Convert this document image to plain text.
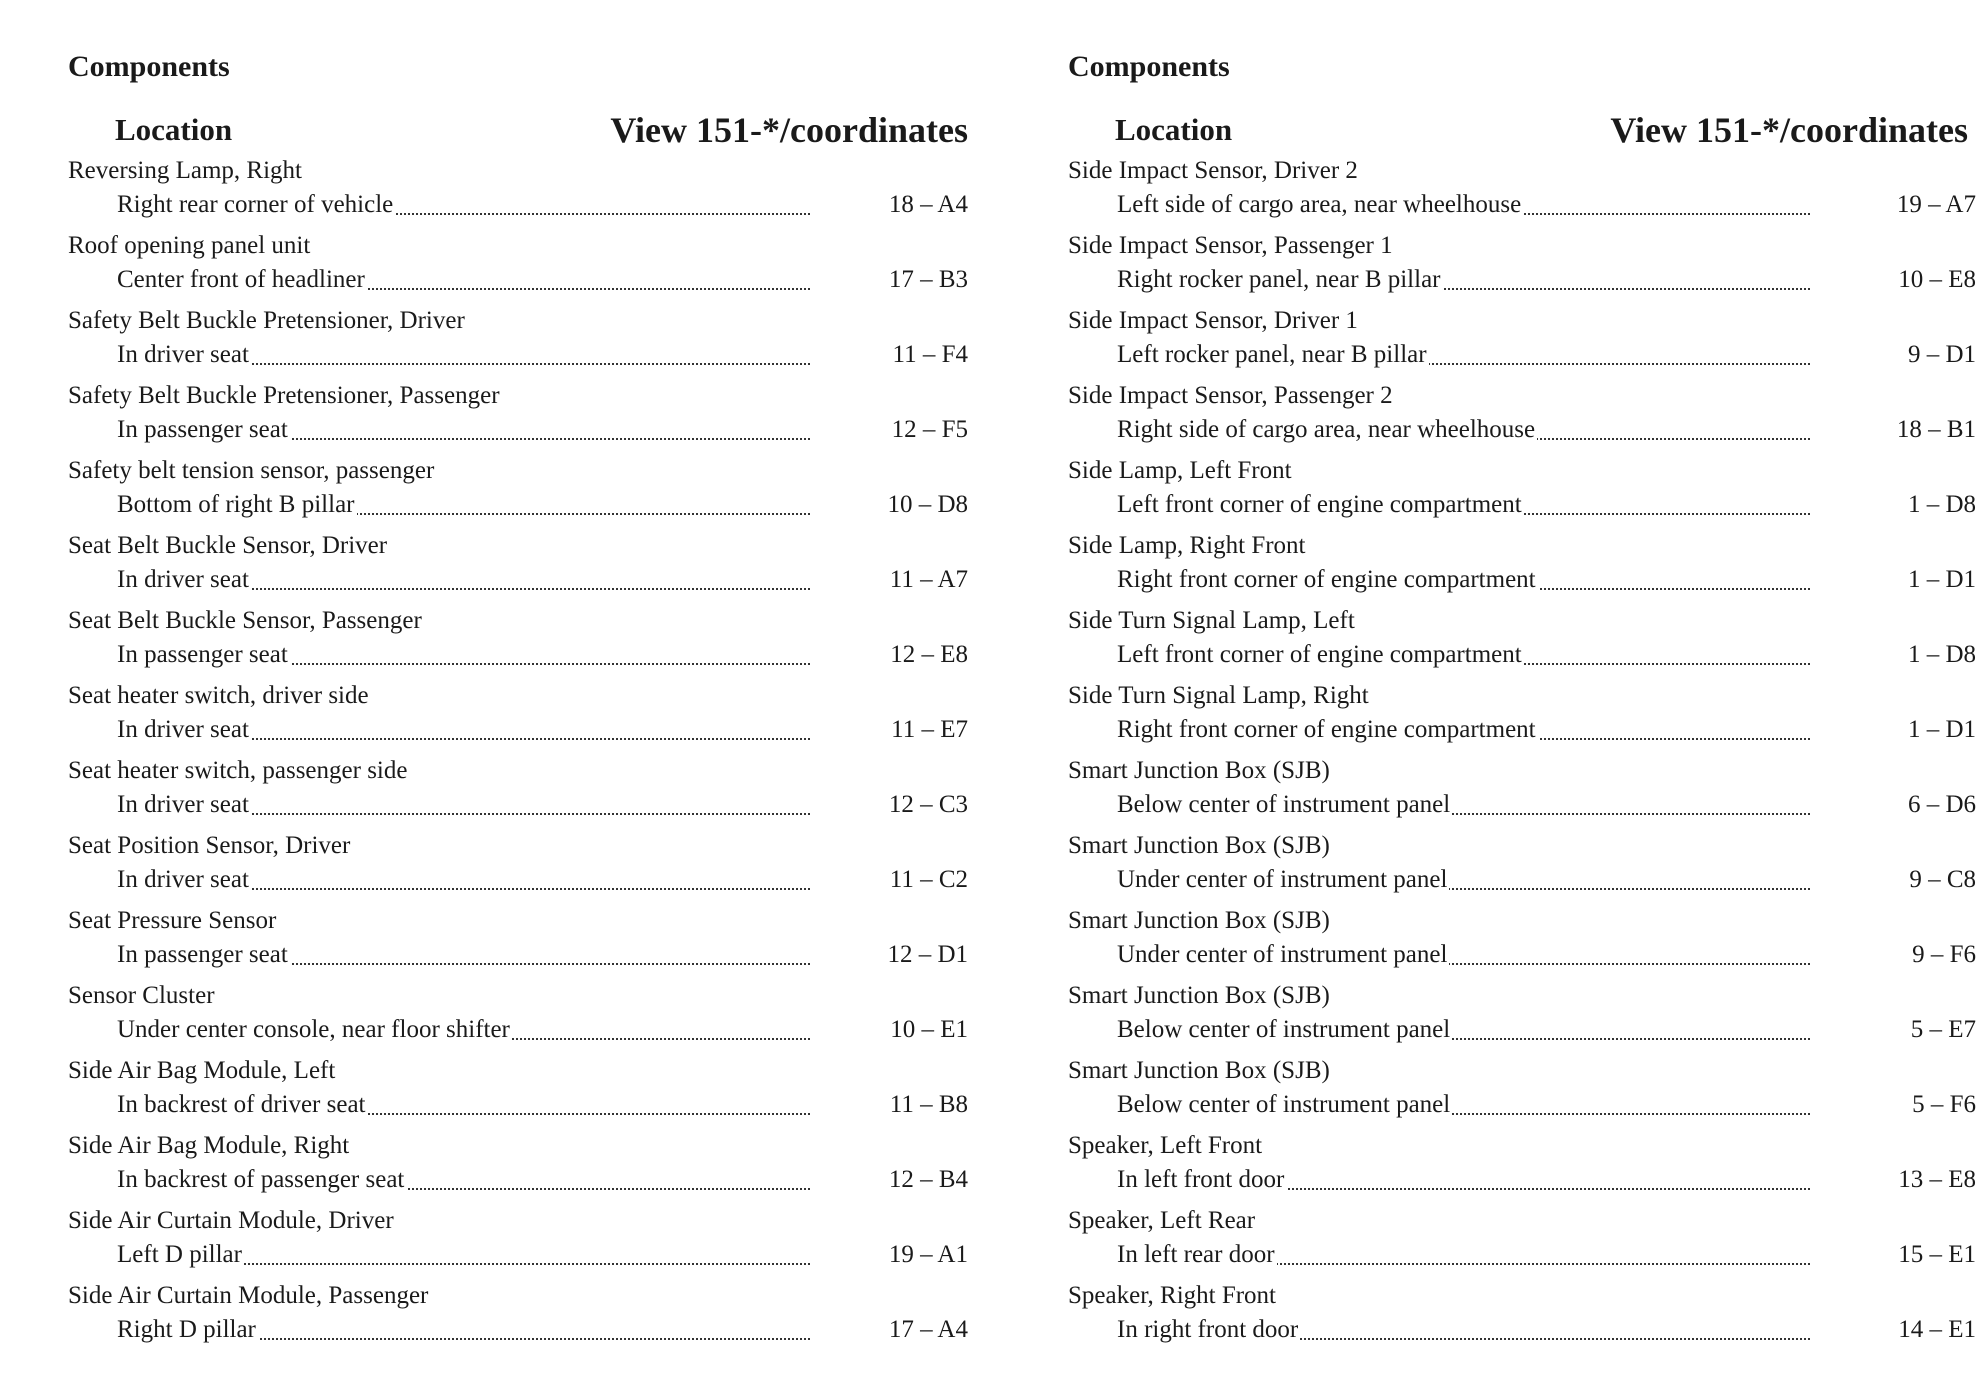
Components
Location	View 151-*/coordinates
Reversing Lamp, Right
Right rear corner of vehicle	18 – A4
Roof opening panel unit
Center front of headliner	17 – B3
Safety Belt Buckle Pretensioner, Driver
In driver seat	11 – F4
Safety Belt Buckle Pretensioner, Passenger
In passenger seat	12 – F5
Safety belt tension sensor, passenger
Bottom of right B pillar	10 – D8
Seat Belt Buckle Sensor, Driver
In driver seat	11 – A7
Seat Belt Buckle Sensor, Passenger
In passenger seat	12 – E8
Seat heater switch, driver side
In driver seat	11 – E7
Seat heater switch, passenger side
In driver seat	12 – C3
Seat Position Sensor, Driver
In driver seat	11 – C2
Seat Pressure Sensor
In passenger seat	12 – D1
Sensor Cluster
Under center console, near floor shifter	10 – E1
Side Air Bag Module, Left
In backrest of driver seat	11 – B8
Side Air Bag Module, Right
In backrest of passenger seat	12 – B4
Side Air Curtain Module, Driver
Left D pillar	19 – A1
Side Air Curtain Module, Passenger
Right D pillar	17 – A4
Components
Location	View 151-*/coordinates
Side Impact Sensor, Driver 2
Left side of cargo area, near wheelhouse	19 – A7
Side Impact Sensor, Passenger 1
Right rocker panel, near B pillar	10 – E8
Side Impact Sensor, Driver 1
Left rocker panel, near B pillar	9 – D1
Side Impact Sensor, Passenger 2
Right side of cargo area, near wheelhouse	18 – B1
Side Lamp, Left Front
Left front corner of engine compartment	1 – D8
Side Lamp, Right Front
Right front corner of engine compartment	1 – D1
Side Turn Signal Lamp, Left
Left front corner of engine compartment	1 – D8
Side Turn Signal Lamp, Right
Right front corner of engine compartment	1 – D1
Smart Junction Box (SJB)
Below center of instrument panel	6 – D6
Smart Junction Box (SJB)
Under center of instrument panel	9 – C8
Smart Junction Box (SJB)
Under center of instrument panel	9 – F6
Smart Junction Box (SJB)
Below center of instrument panel	5 – E7
Smart Junction Box (SJB)
Below center of instrument panel	5 – F6
Speaker, Left Front
In left front door	13 – E8
Speaker, Left Rear
In left rear door	15 – E1
Speaker, Right Front
In right front door	14 – E1
